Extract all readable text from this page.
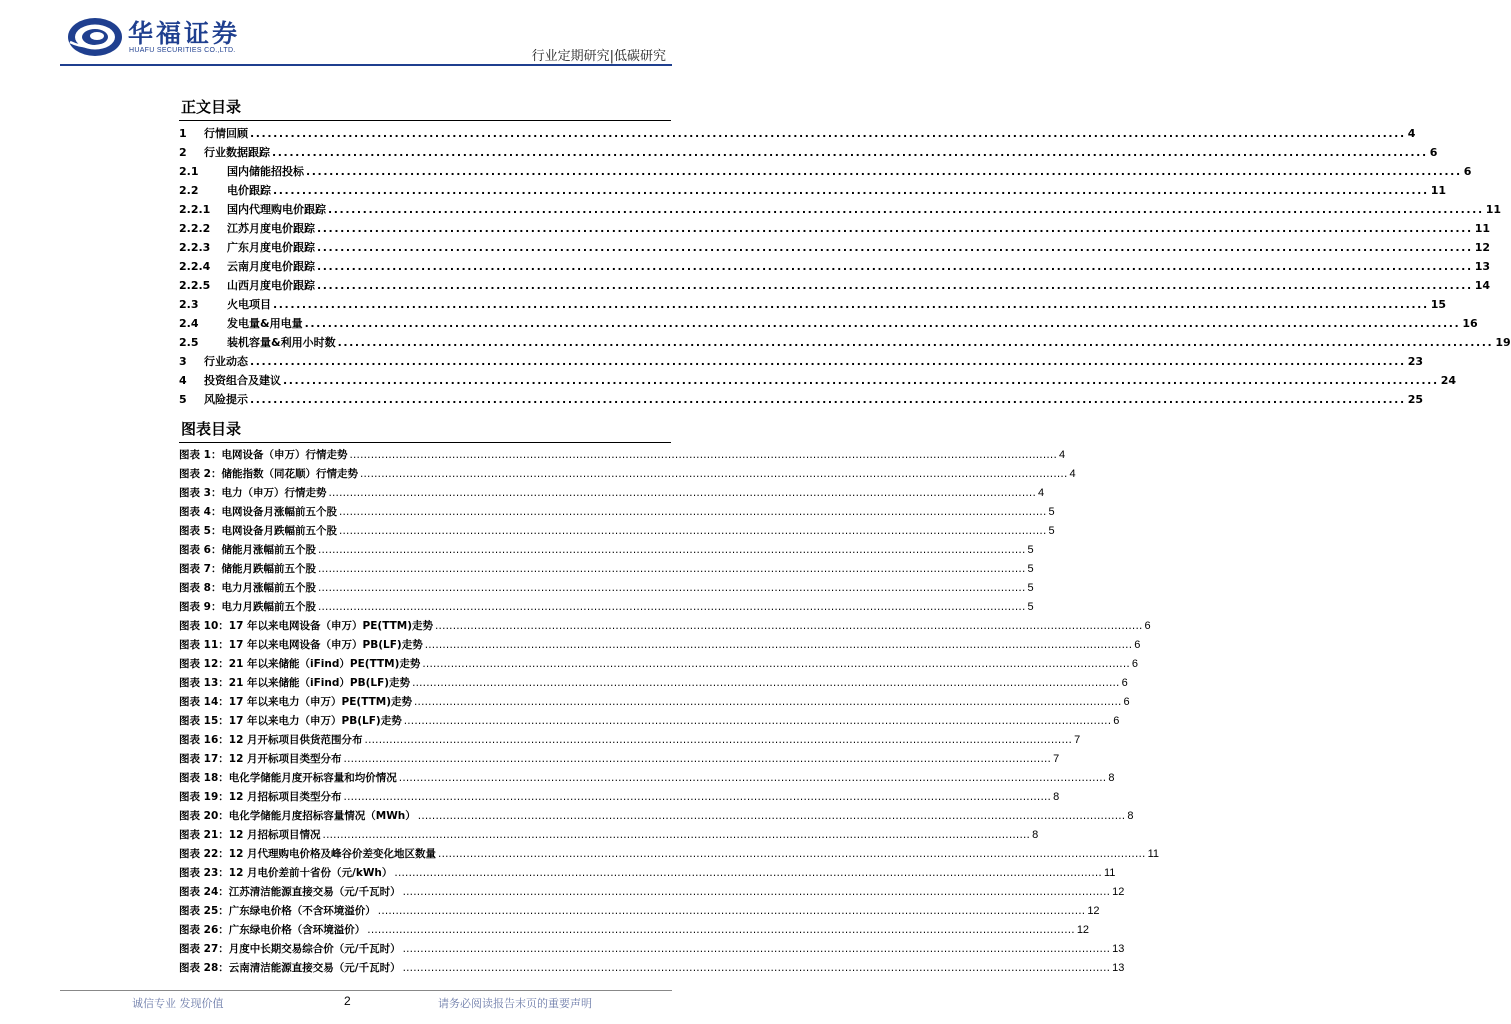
华福证券
HUAFU SECURITIES CO.,LTD.	行业定期研究|低碳研究
正文目录
1	行情回顾 ........................................................................................................................................................................................................ 4
2	行业数据跟踪 ........................................................................................................................................................................................................ 6
2.1	国内储能招投标 ........................................................................................................................................................................................................ 6
2.2	电价跟踪 ........................................................................................................................................................................................................ 11
2.2.1	国内代理购电价跟踪 ........................................................................................................................................................................................................ 11
2.2.2	江苏月度电价跟踪 ........................................................................................................................................................................................................ 11
2.2.3	广东月度电价跟踪 ........................................................................................................................................................................................................ 12
2.2.4	云南月度电价跟踪 ........................................................................................................................................................................................................ 13
2.2.5	山西月度电价跟踪 ........................................................................................................................................................................................................ 14
2.3	火电项目 ........................................................................................................................................................................................................ 15
2.4	发电量&用电量 ........................................................................................................................................................................................................ 16
2.5	装机容量&利用小时数 ........................................................................................................................................................................................................ 19
3	行业动态 ........................................................................................................................................................................................................ 23
4	投资组合及建议 ........................................................................................................................................................................................................ 24
5	风险提示 ........................................................................................................................................................................................................ 25
图表目录
图表 1：电网设备（申万）行情走势 ........................................................................................................................................................................................................ 4
图表 2：储能指数（同花顺）行情走势 ........................................................................................................................................................................................................ 4
图表 3：电力（申万）行情走势 ........................................................................................................................................................................................................ 4
图表 4：电网设备月涨幅前五个股 ........................................................................................................................................................................................................ 5
图表 5：电网设备月跌幅前五个股 ........................................................................................................................................................................................................ 5
图表 6：储能月涨幅前五个股 ........................................................................................................................................................................................................ 5
图表 7：储能月跌幅前五个股 ........................................................................................................................................................................................................ 5
图表 8：电力月涨幅前五个股 ........................................................................................................................................................................................................ 5
图表 9：电力月跌幅前五个股 ........................................................................................................................................................................................................ 5
图表 10：17 年以来电网设备（申万）PE(TTM)走势 ........................................................................................................................................................................................................ 6
图表 11：17 年以来电网设备（申万）PB(LF)走势 ........................................................................................................................................................................................................ 6
图表 12：21 年以来储能（iFind）PE(TTM)走势 ........................................................................................................................................................................................................ 6
图表 13：21 年以来储能（iFind）PB(LF)走势 ........................................................................................................................................................................................................ 6
图表 14：17 年以来电力（申万）PE(TTM)走势 ........................................................................................................................................................................................................ 6
图表 15：17 年以来电力（申万）PB(LF)走势 ........................................................................................................................................................................................................ 6
图表 16：12 月开标项目供货范围分布 ........................................................................................................................................................................................................ 7
图表 17：12 月开标项目类型分布 ........................................................................................................................................................................................................ 7
图表 18：电化学储能月度开标容量和均价情况 ........................................................................................................................................................................................................ 8
图表 19：12 月招标项目类型分布 ........................................................................................................................................................................................................ 8
图表 20：电化学储能月度招标容量情况（MWh） ........................................................................................................................................................................................................ 8
图表 21：12 月招标项目情况 ........................................................................................................................................................................................................ 8
图表 22：12 月代理购电价格及峰谷价差变化地区数量 ........................................................................................................................................................................................................ 11
图表 23：12 月电价差前十省份（元/kWh） ........................................................................................................................................................................................................ 11
图表 24：江苏清洁能源直接交易（元/千瓦时） ........................................................................................................................................................................................................ 12
图表 25：广东绿电价格（不含环境溢价） ........................................................................................................................................................................................................ 12
图表 26：广东绿电价格（含环境溢价） ........................................................................................................................................................................................................ 12
图表 27：月度中长期交易综合价（元/千瓦时） ........................................................................................................................................................................................................ 13
图表 28：云南清洁能源直接交易（元/千瓦时） ........................................................................................................................................................................................................ 13
诚信专业 发现价值	2	请务必阅读报告末页的重要声明
